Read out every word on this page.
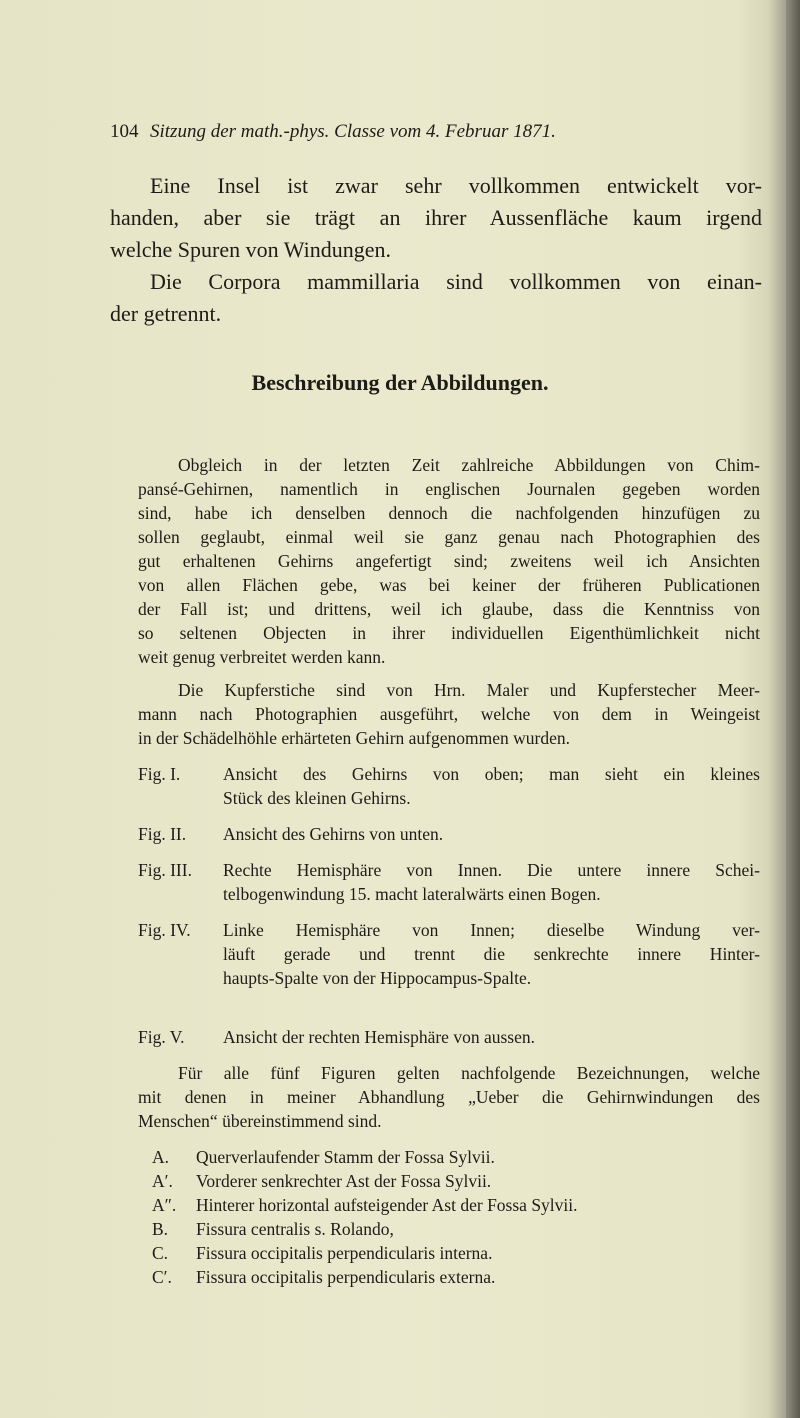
104 Sitzung der math.-phys. Classe vom 4. Februar 1871.
Beschreibung der Abbildungen.
Eine Insel ist zwar sehr vollkommen entwickelt vor-
handen, aber sie trägt an ihrer Aussenfläche kaum irgend
welche Spuren von Windungen.
Die Corpora mammillaria sind vollkommen von einan-
der getrennt.
Obgleich in der letzten Zeit zahlreiche Abbildungen von Chim-
pansé-Gehirnen, namentlich in englischen Journalen gegeben worden
sind, habe ich denselben dennoch die nachfolgenden hinzufügen zu
sollen geglaubt, einmal weil sie ganz genau nach Photographien des
gut erhaltenen Gehirns angefertigt sind; zweitens weil ich Ansichten
von allen Flächen gebe, was bei keiner der früheren Publicationen
der Fall ist; und drittens, weil ich glaube, dass die Kenntniss von
so seltenen Objecten in ihrer individuellen Eigenthümlichkeit nicht
weit genug verbreitet werden kann.
Die Kupferstiche sind von Hrn. Maler und Kupferstecher Meer-
mann nach Photographien ausgeführt, welche von dem in Weingeist
in der Schädelhöhle erhärteten Gehirn aufgenommen wurden.
Fig. I. Ansicht des Gehirns von oben; man sieht ein kleines
Stück des kleinen Gehirns.
Fig. II. Ansicht des Gehirns von unten.
Fig. III. Rechte Hemisphäre von Innen. Die untere innere Schei-
telbogenwindung 15. macht lateralwärts einen Bogen.
Fig. IV. Linke Hemisphäre von Innen; dieselbe Windung ver-
läuft gerade und trennt die senkrechte innere Hinter-
haupts-Spalte von der Hippocampus-Spalte.
Fig. V. Ansicht der rechten Hemisphäre von aussen.
Für alle fünf Figuren gelten nachfolgende Bezeichnungen, welche
mit denen in meiner Abhandlung „Ueber die Gehirnwindungen des
Menschen“ übereinstimmend sind.
A. Querverlaufender Stamm der Fossa Sylvii.
A′. Vorderer senkrechter Ast der Fossa Sylvii.
A″. Hinterer horizontal aufsteigender Ast der Fossa Sylvii.
B. Fissura centralis s. Rolando,
C. Fissura occipitalis perpendicularis interna.
C′. Fissura occipitalis perpendicularis externa.
